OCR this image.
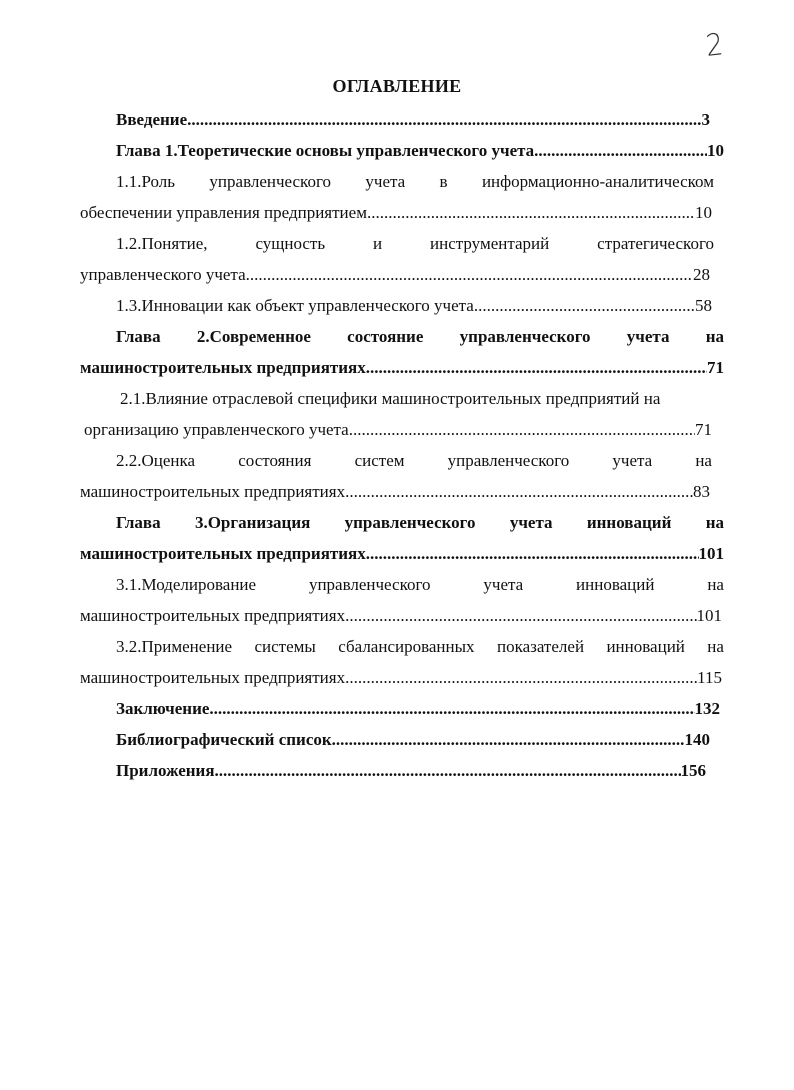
2
ОГЛАВЛЕНИЕ
Введение .....	3
Глава 1.Теоретические основы управленческого учета .....	10
1.1.Роль управленческого учета в информационно-аналитическом
обеспечении управления предприятием .....	10
1.2.Понятие,	сущность	и	инструментарий	стратегического
управленческого учета .....	28
1.3.Инновации как объект управленческого учета .....	58
Глава 2.Современное состояние управленческого учета на
машиностроительных предприятиях .....	71
2.1.Влияние отраслевой специфики машиностроительных предприятий на
организацию управленческого учета .....	71
2.2.Оценка	состояния	систем	управленческого	учета	на
машиностроительных предприятиях .....	83
Глава 3.Организация управленческого учета инноваций на
машиностроительных предприятиях .....	101
3.1.Моделирование	управленческого	учета	инноваций	на
машиностроительных предприятиях .....	101
3.2.Применение системы сбалансированных показателей инноваций на
машиностроительных предприятиях .....	115
Заключение .....	132
Библиографический список .....	140
Приложения .....	156
